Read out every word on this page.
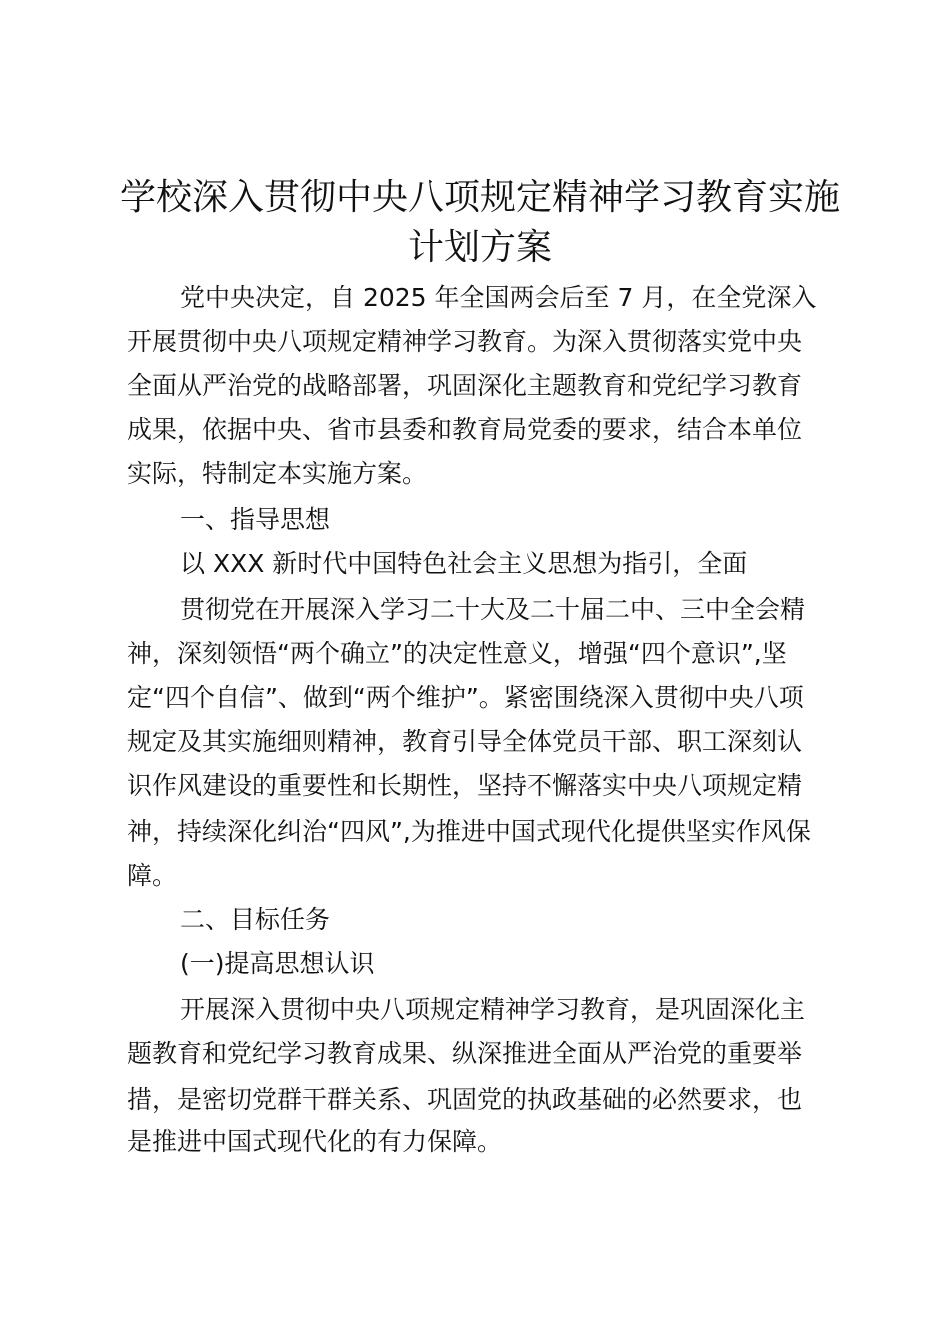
学校深入贯彻中央八项规定精神学习教育实施
计划方案
党中央决定，自 2025 年全国两会后至 7 月，在全党深入
开展贯彻中央八项规定精神学习教育。为深入贯彻落实党中央
全面从严治党的战略部署，巩固深化主题教育和党纪学习教育
成果，依据中央、省市县委和教育局党委的要求，结合本单位
实际，特制定本实施方案。
一、指导思想
以 XXX 新时代中国特色社会主义思想为指引，全面
贯彻党在开展深入学习二十大及二十届二中、三中全会精
神，深刻领悟“两个确立”的决定性意义，增强“四个意识”,坚
定“四个自信”、做到“两个维护”。紧密围绕深入贯彻中央八项
规定及其实施细则精神，教育引导全体党员干部、职工深刻认
识作风建设的重要性和长期性，坚持不懈落实中央八项规定精
神，持续深化纠治“四风”,为推进中国式现代化提供坚实作风保
障。
二、目标任务
(一)提高思想认识
开展深入贯彻中央八项规定精神学习教育，是巩固深化主
题教育和党纪学习教育成果、纵深推进全面从严治党的重要举
措，是密切党群干群关系、巩固党的执政基础的必然要求，也
是推进中国式现代化的有力保障。
